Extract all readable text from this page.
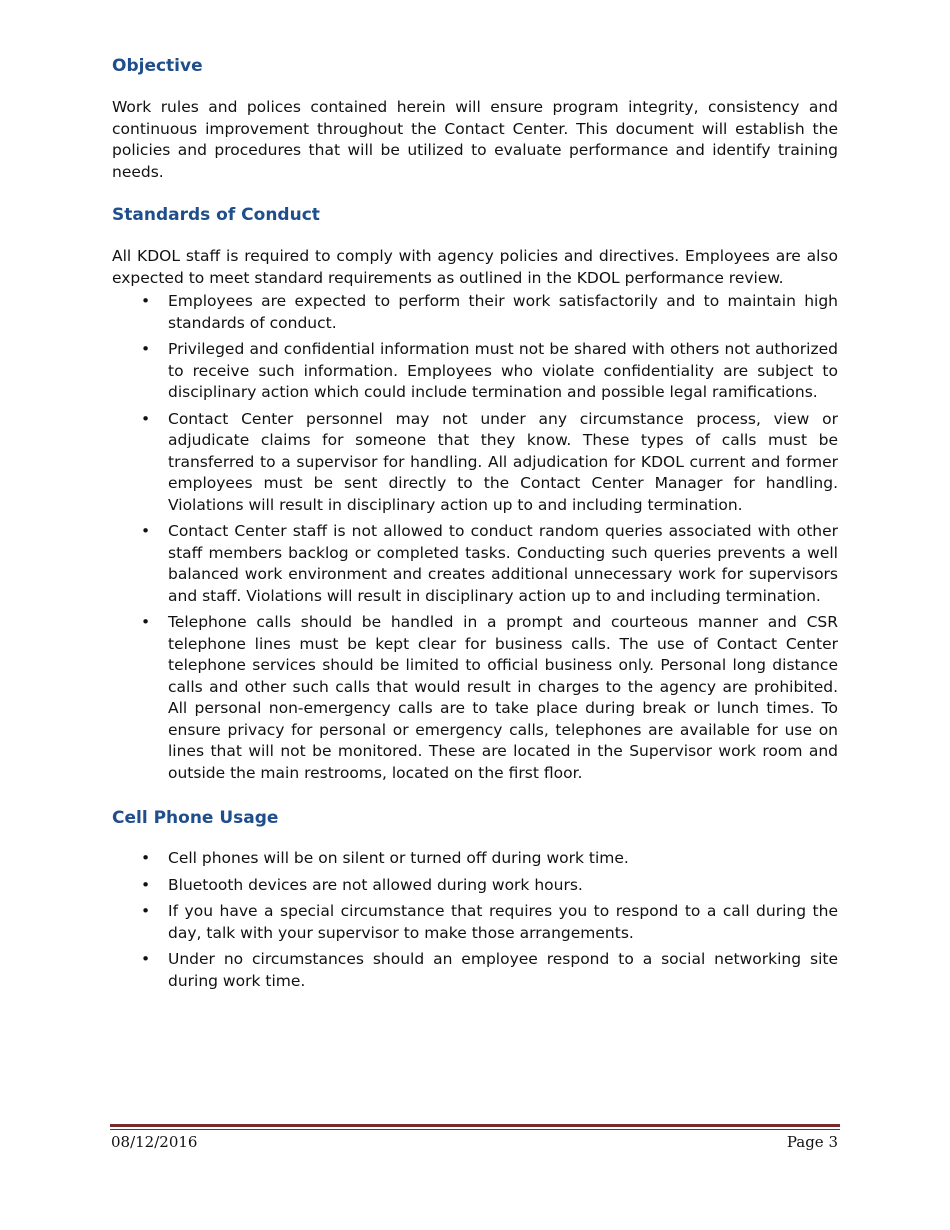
Objective

Work rules and polices contained herein will ensure program integrity, consistency and continuous improvement throughout the Contact Center. This document will establish the policies and procedures that will be utilized to evaluate performance and identify training needs.

Standards of Conduct

All KDOL staff is required to comply with agency policies and directives. Employees are also expected to meet standard requirements as outlined in the KDOL performance review.

• Employees are expected to perform their work satisfactorily and to maintain high standards of conduct.
• Privileged and confidential information must not be shared with others not authorized to receive such information. Employees who violate confidentiality are subject to disciplinary action which could include termination and possible legal ramifications.
• Contact Center personnel may not under any circumstance process, view or adjudicate claims for someone that they know. These types of calls must be transferred to a supervisor for handling. All adjudication for KDOL current and former employees must be sent directly to the Contact Center Manager for handling. Violations will result in disciplinary action up to and including termination.
• Contact Center staff is not allowed to conduct random queries associated with other staff members backlog or completed tasks. Conducting such queries prevents a well balanced work environment and creates additional unnecessary work for supervisors and staff. Violations will result in disciplinary action up to and including termination.
• Telephone calls should be handled in a prompt and courteous manner and CSR telephone lines must be kept clear for business calls. The use of Contact Center telephone services should be limited to official business only. Personal long distance calls and other such calls that would result in charges to the agency are prohibited. All personal non-emergency calls are to take place during break or lunch times. To ensure privacy for personal or emergency calls, telephones are available for use on lines that will not be monitored. These are located in the Supervisor work room and outside the main restrooms, located on the first floor.
Cell Phone Usage
• Cell phones will be on silent or turned off during work time.
• Bluetooth devices are not allowed during work hours.
• If you have a special circumstance that requires you to respond to a call during the day, talk with your supervisor to make those arrangements.
• Under no circumstances should an employee respond to a social networking site during work time.
08/12/2016	Page 3
